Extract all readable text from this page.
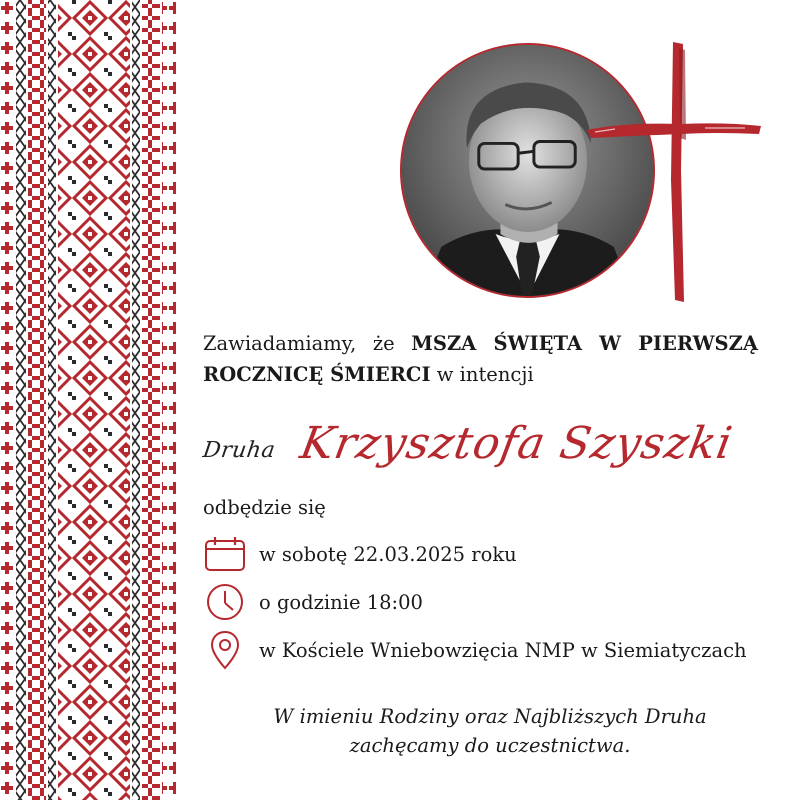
Zawiadamiamy, że MSZA ŚWIĘTA W PIERWSZĄ ROCZNICĘ ŚMIERCI w intencji
Druha Krzysztofa Szyszki
odbędzie się
w sobotę 22.03.2025 roku
o godzinie 18:00
w Kościele Wniebowzięcia NMP w Siemiatyczach
W imieniu Rodziny oraz Najbliższych Druha
zachęcamy do uczestnictwa.
